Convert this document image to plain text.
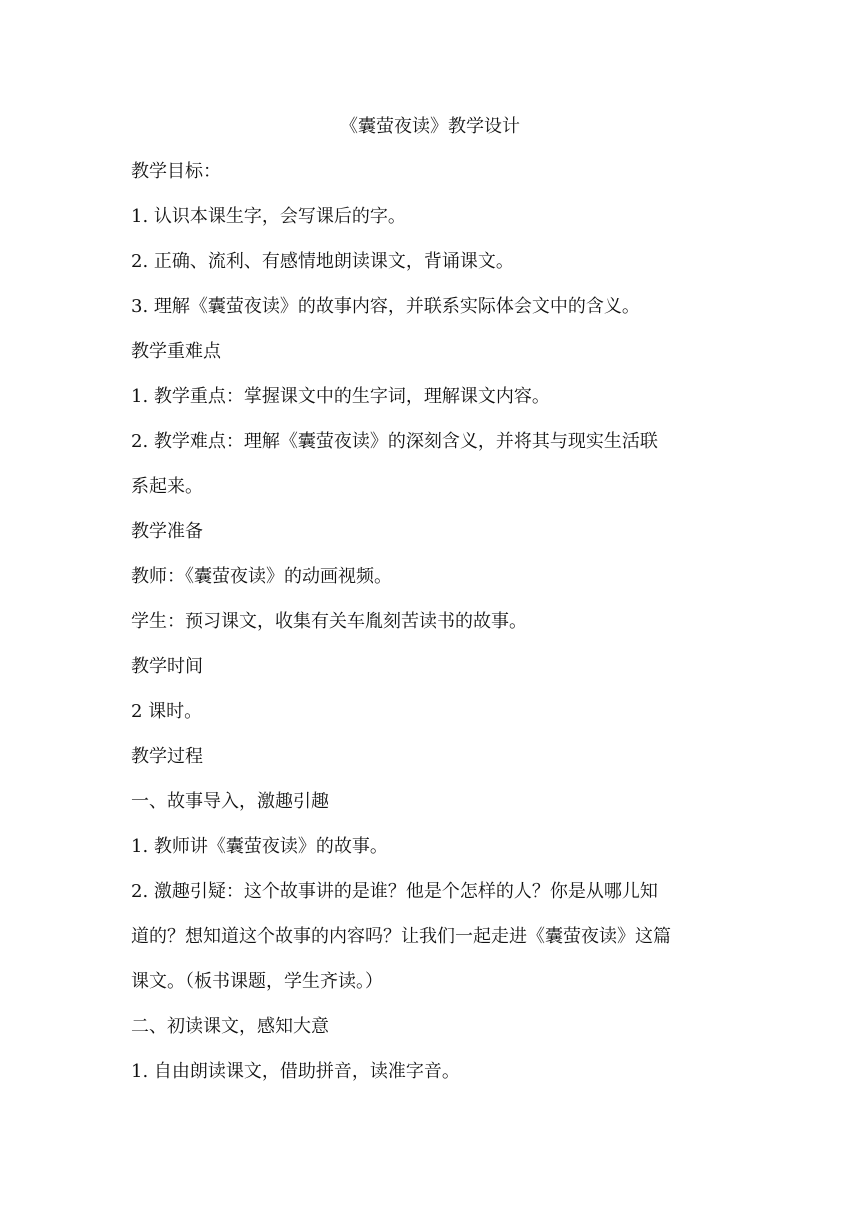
《囊萤夜读》教学设计
教学目标：
1. 认识本课生字，会写课后的字。
2. 正确、流利、有感情地朗读课文，背诵课文。
3. 理解《囊萤夜读》的故事内容，并联系实际体会文中的含义。
教学重难点
1. 教学重点：掌握课文中的生字词，理解课文内容。
2. 教学难点：理解《囊萤夜读》的深刻含义，并将其与现实生活联
系起来。
教学准备
教师：《囊萤夜读》的动画视频。
学生：预习课文，收集有关车胤刻苦读书的故事。
教学时间
2 课时。
教学过程
一、故事导入，激趣引趣
1. 教师讲《囊萤夜读》的故事。
2. 激趣引疑：这个故事讲的是谁？他是个怎样的人？你是从哪儿知
道的？想知道这个故事的内容吗？让我们一起走进《囊萤夜读》这篇
课文。（板书课题，学生齐读。）
二、初读课文，感知大意
1. 自由朗读课文，借助拼音，读准字音。
